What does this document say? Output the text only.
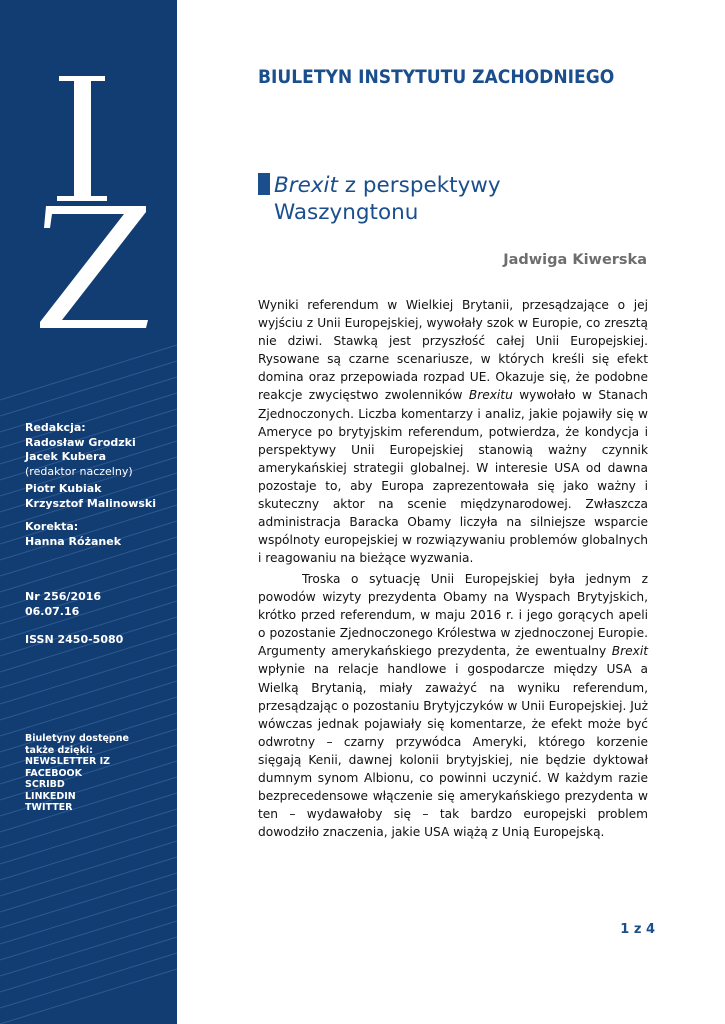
Redakcja:
Radosław Grodzki
Jacek Kubera
(redaktor naczelny)
Piotr Kubiak
Krzysztof Malinowski
Korekta:
Hanna Różanek
Nr 256/2016
06.07.16
ISSN 2450-5080
Biuletyny dostępne
także dzięki:
NEWSLETTER IZ
FACEBOOK
SCRIBD
LINKEDIN
TWITTER
BIULETYN INSTYTUTU ZACHODNIEGO
Brexit z perspektywy
Waszyngtonu
Jadwiga Kiwerska
Wyniki referendum w Wielkiej Brytanii, przesądzające o jej wyjściu z Unii Europejskiej, wywołały szok w Europie, co zresztą nie dziwi. Stawką jest przyszłość całej Unii Europejskiej. Rysowane są czarne scenariusze, w których kreśli się efekt domina oraz przepowiada rozpad UE. Okazuje się, że podobne reakcje zwycięstwo zwolenników Brexitu wywołało w Stanach Zjednoczonych. Liczba komentarzy i analiz, jakie pojawiły się w Ameryce po brytyjskim referendum, potwierdza, że kondycja i perspektywy Unii Europejskiej stanowią ważny czynnik amerykańskiej strategii globalnej. W interesie USA od dawna pozostaje to, aby Europa zaprezentowała się jako ważny i skuteczny aktor na scenie międzynarodowej. Zwłaszcza administracja Baracka Obamy liczyła na silniejsze wsparcie wspólnoty europejskiej w rozwiązywaniu problemów globalnych i reagowaniu na bieżące wyzwania.
Troska o sytuację Unii Europejskiej była jednym z powodów wizyty prezydenta Obamy na Wyspach Brytyjskich, krótko przed referendum, w maju 2016 r. i jego gorących apeli o pozostanie Zjednoczonego Królestwa w zjednoczonej Europie. Argumenty amerykańskiego prezydenta, że ewentualny Brexit wpłynie na relacje handlowe i gospodarcze między USA a Wielką Brytanią, miały zaważyć na wyniku referendum, przesądzając o pozostaniu Brytyjczyków w Unii Europejskiej. Już wówczas jednak pojawiały się komentarze, że efekt może być odwrotny – czarny przywódca Ameryki, którego korzenie sięgają Kenii, dawnej kolonii brytyjskiej, nie będzie dyktował dumnym synom Albionu, co powinni uczynić. W każdym razie bezprecedensowe włączenie się amerykańskiego prezydenta w ten – wydawałoby się – tak bardzo europejski problem dowodziło znaczenia, jakie USA wiążą z Unią Europejską.
1 z 4
